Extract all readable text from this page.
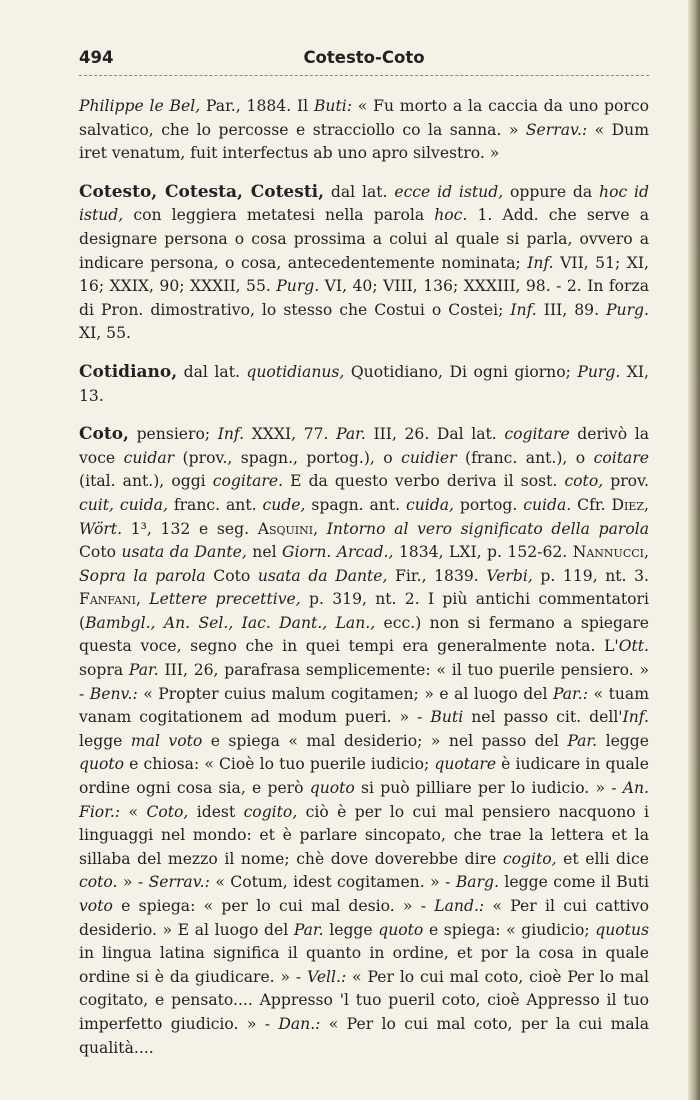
494	Cotesto-Coto

Philippe le Bel, Par., 1884. Il Buti: « Fu morto a la caccia da uno porco salvatico, che lo percosse e stracciollo co la sanna. » Serrav.: « Dum iret venatum, fuit interfectus ab uno apro silvestro. »

Cotesto, Cotesta, Cotesti, dal lat. ecce id istud, oppure da hoc id istud, con leggiera metatesi nella parola hoc. 1. Add. che serve a designare persona o cosa prossima a colui al quale si parla, ovvero a indicare persona, o cosa, antecedentemente nominata; Inf. VII, 51; XI, 16; XXIX, 90; XXXII, 55. Purg. VI, 40; VIII, 136; XXXIII, 98. - 2. In forza di Pron. dimostrativo, lo stesso che Costui o Costei; Inf. III, 89. Purg. XI, 55.

Cotidiano, dal lat. quotidianus, Quotidiano, Di ogni giorno; Purg. XI, 13.

Coto, pensiero; Inf. XXXI, 77. Par. III, 26. Dal lat. cogitare derivò la voce cuidar (prov., spagn., portog.), o cuidier (franc. ant.), o coitare (ital. ant.), oggi cogitare. E da questo verbo deriva il sost. coto, prov. cuit, cuida, franc. ant. cude, spagn. ant. cuida, portog. cuida. Cfr. Diez, Wört. 1³, 132 e seg. Asquini, Intorno al vero significato della parola Coto usata da Dante, nel Giorn. Arcad., 1834, LXI, p. 152-62. Nannucci, Sopra la parola Coto usata da Dante, Fir., 1839. Verbi, p. 119, nt. 3. Fanfani, Lettere precettive, p. 319, nt. 2. I più antichi commentatori (Bambgl., An. Sel., Iac. Dant., Lan., ecc.) non si fermano a spiegare questa voce, segno che in quei tempi era generalmente nota. L'Ott. sopra Par. III, 26, parafrasa semplicemente: « il tuo puerile pensiero. » - Benv.: « Propter cuius malum cogitamen; » e al luogo del Par.: « tuam vanam cogitationem ad modum pueri. » - Buti nel passo cit. dell'Inf. legge mal voto e spiega « mal desiderio; » nel passo del Par. legge quoto e chiosa: « Cioè lo tuo puerile iudicio; quotare è iudicare in quale ordine ogni cosa sia, e però quoto si può pilliare per lo iudicio. » - An. Fior.: « Coto, idest cogito, ciò è per lo cui mal pensiero nacquono i linguaggi nel mondo: et è parlare sincopato, che trae la lettera et la sillaba del mezzo il nome; chè dove doverebbe dire cogito, et elli dice coto. » - Serrav.: « Cotum, idest cogitamen. » - Barg. legge come il Buti voto e spiega: « per lo cui mal desio. » - Land.: « Per il cui cattivo desiderio. » E al luogo del Par. legge quoto e spiega: « giudicio; quotus in lingua latina significa il quanto in ordine, et por la cosa in quale ordine si è da giudicare. » - Vell.: « Per lo cui mal coto, cioè Per lo mal cogitato, e pensato.... Appresso 'l tuo pueril coto, cioè Appresso il tuo imperfetto giudicio. » - Dan.: « Per lo cui mal coto, per la cui mala qualità....
